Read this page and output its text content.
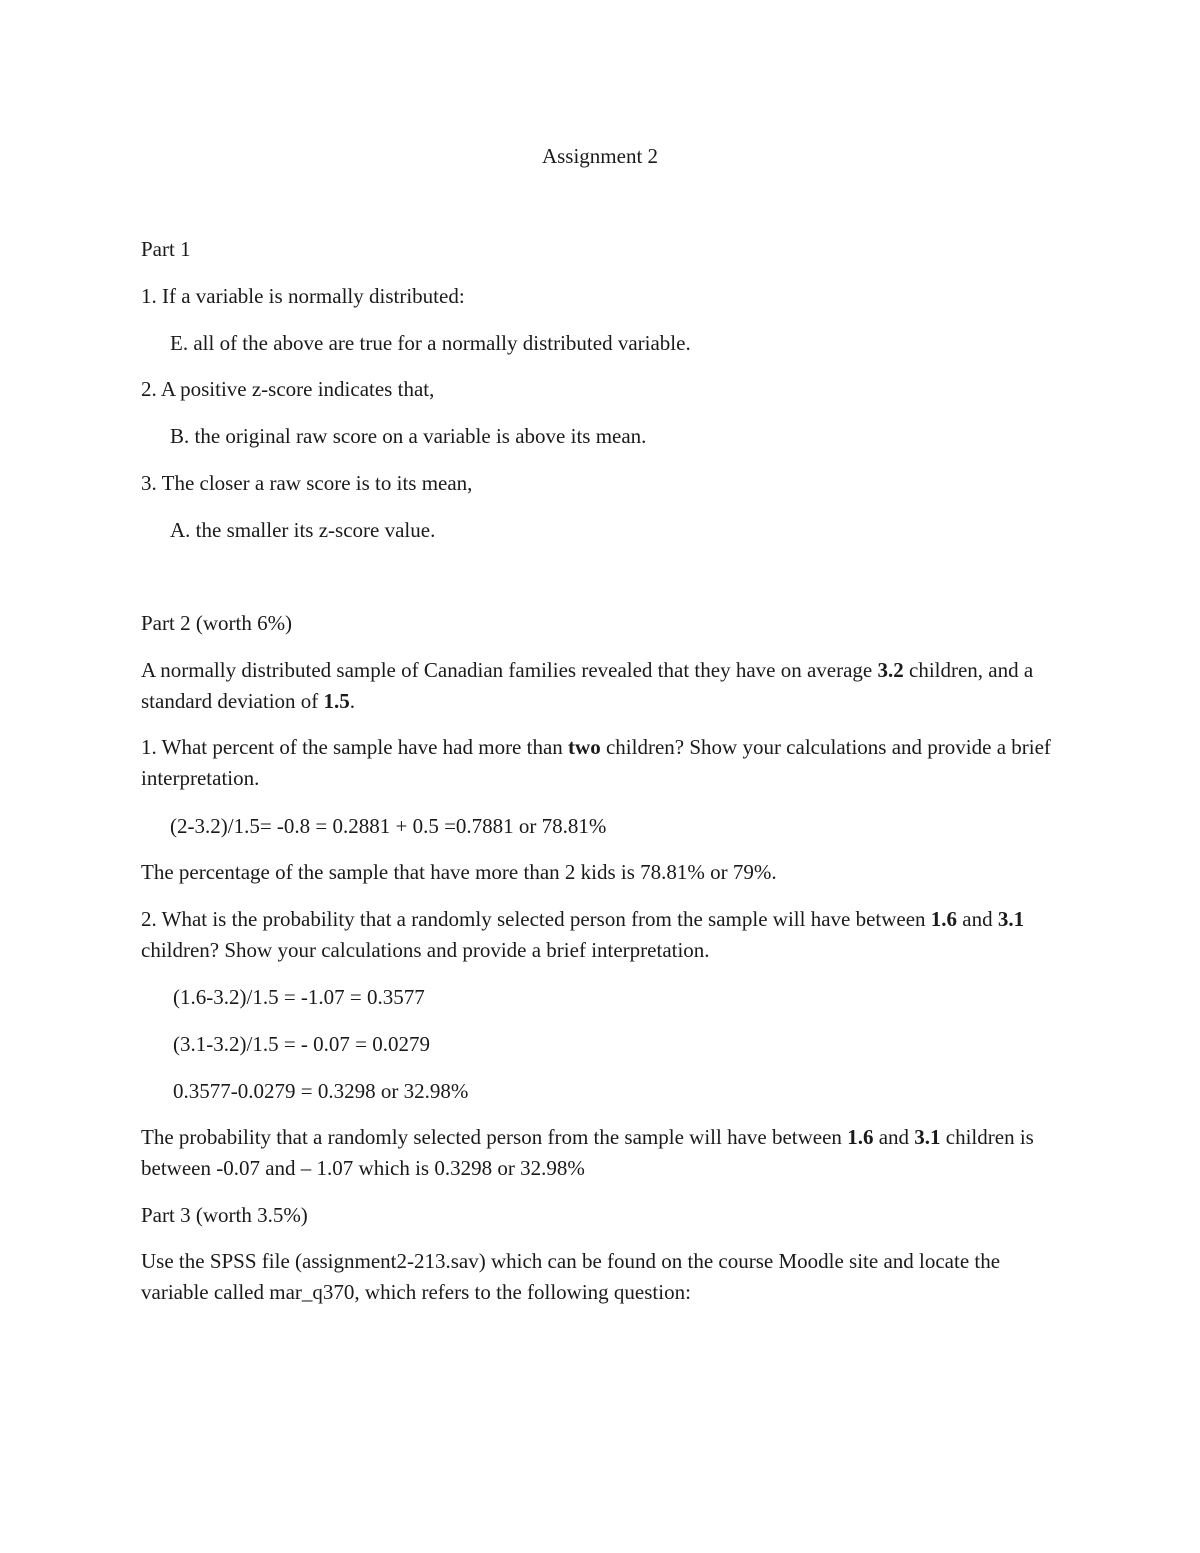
Assignment 2
Part 1
1. If a variable is normally distributed:
E. all of the above are true for a normally distributed variable.
2. A positive z-score indicates that,
B. the original raw score on a variable is above its mean.
3. The closer a raw score is to its mean,
A. the smaller its z-score value.
Part 2 (worth 6%)
A normally distributed sample of Canadian families revealed that they have on average 3.2 children, and a standard deviation of 1.5.
1. What percent of the sample have had more than two children? Show your calculations and provide a brief interpretation.
(2-3.2)/1.5= -0.8 = 0.2881 + 0.5 =0.7881 or 78.81%
The percentage of the sample that have more than 2 kids is 78.81% or 79%.
2. What is the probability that a randomly selected person from the sample will have between 1.6 and 3.1 children? Show your calculations and provide a brief interpretation.
(1.6-3.2)/1.5 = -1.07 = 0.3577
(3.1-3.2)/1.5 = - 0.07 = 0.0279
0.3577-0.0279 = 0.3298 or 32.98%
The probability that a randomly selected person from the sample will have between 1.6 and 3.1 children is between -0.07 and – 1.07 which is 0.3298 or 32.98%
Part 3 (worth 3.5%)
Use the SPSS file (assignment2-213.sav) which can be found on the course Moodle site and locate the variable called mar_q370, which refers to the following question:
